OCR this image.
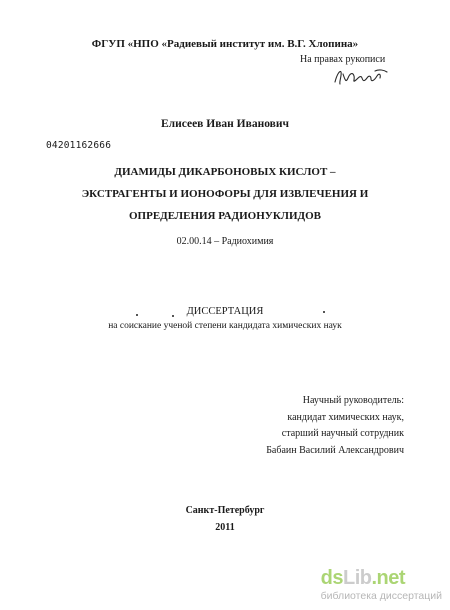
ФГУП «НПО «Радиевый институт им. В.Г. Хлопина»
На правах рукописи
Елисеев Иван Иванович
04201162666
ДИАМИДЫ ДИКАРБОНОВЫХ КИСЛОТ –
ЭКСТРАГЕНТЫ И ИОНОФОРЫ ДЛЯ ИЗВЛЕЧЕНИЯ И
ОПРЕДЕЛЕНИЯ РАДИОНУКЛИДОВ
02.00.14 – Радиохимия
ДИССЕРТАЦИЯ
на соискание ученой степени кандидата химических наук
Научный руководитель:
кандидат химических наук,
старший научный сотрудник
Бабаин Василий Александрович
Санкт-Петербург
2011
dsLib.net
библиотека диссертаций
